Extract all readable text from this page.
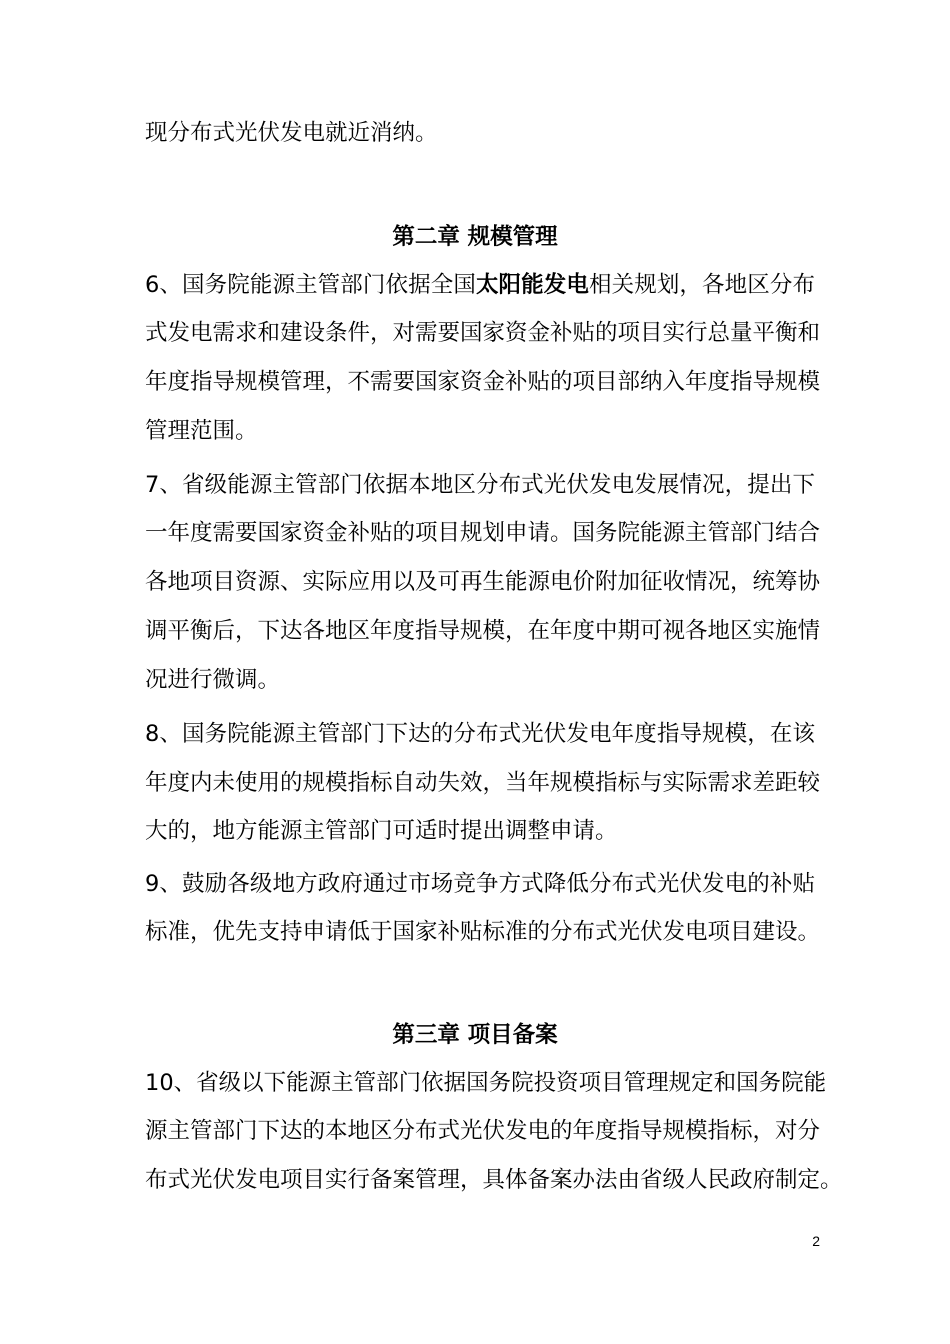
现分布式光伏发电就近消纳。
第二章 规模管理
6、国务院能源主管部门依据全国太阳能发电相关规划，各地区分布
式发电需求和建设条件，对需要国家资金补贴的项目实行总量平衡和
年度指导规模管理，不需要国家资金补贴的项目部纳入年度指导规模
管理范围。
7、省级能源主管部门依据本地区分布式光伏发电发展情况，提出下
一年度需要国家资金补贴的项目规划申请。国务院能源主管部门结合
各地项目资源、实际应用以及可再生能源电价附加征收情况，统筹协
调平衡后，下达各地区年度指导规模，在年度中期可视各地区实施情
况进行微调。
8、国务院能源主管部门下达的分布式光伏发电年度指导规模，在该
年度内未使用的规模指标自动失效，当年规模指标与实际需求差距较
大的，地方能源主管部门可适时提出调整申请。
9、鼓励各级地方政府通过市场竞争方式降低分布式光伏发电的补贴
标准，优先支持申请低于国家补贴标准的分布式光伏发电项目建设。
第三章 项目备案
10、省级以下能源主管部门依据国务院投资项目管理规定和国务院能
源主管部门下达的本地区分布式光伏发电的年度指导规模指标，对分
布式光伏发电项目实行备案管理，具体备案办法由省级人民政府制定。
2
